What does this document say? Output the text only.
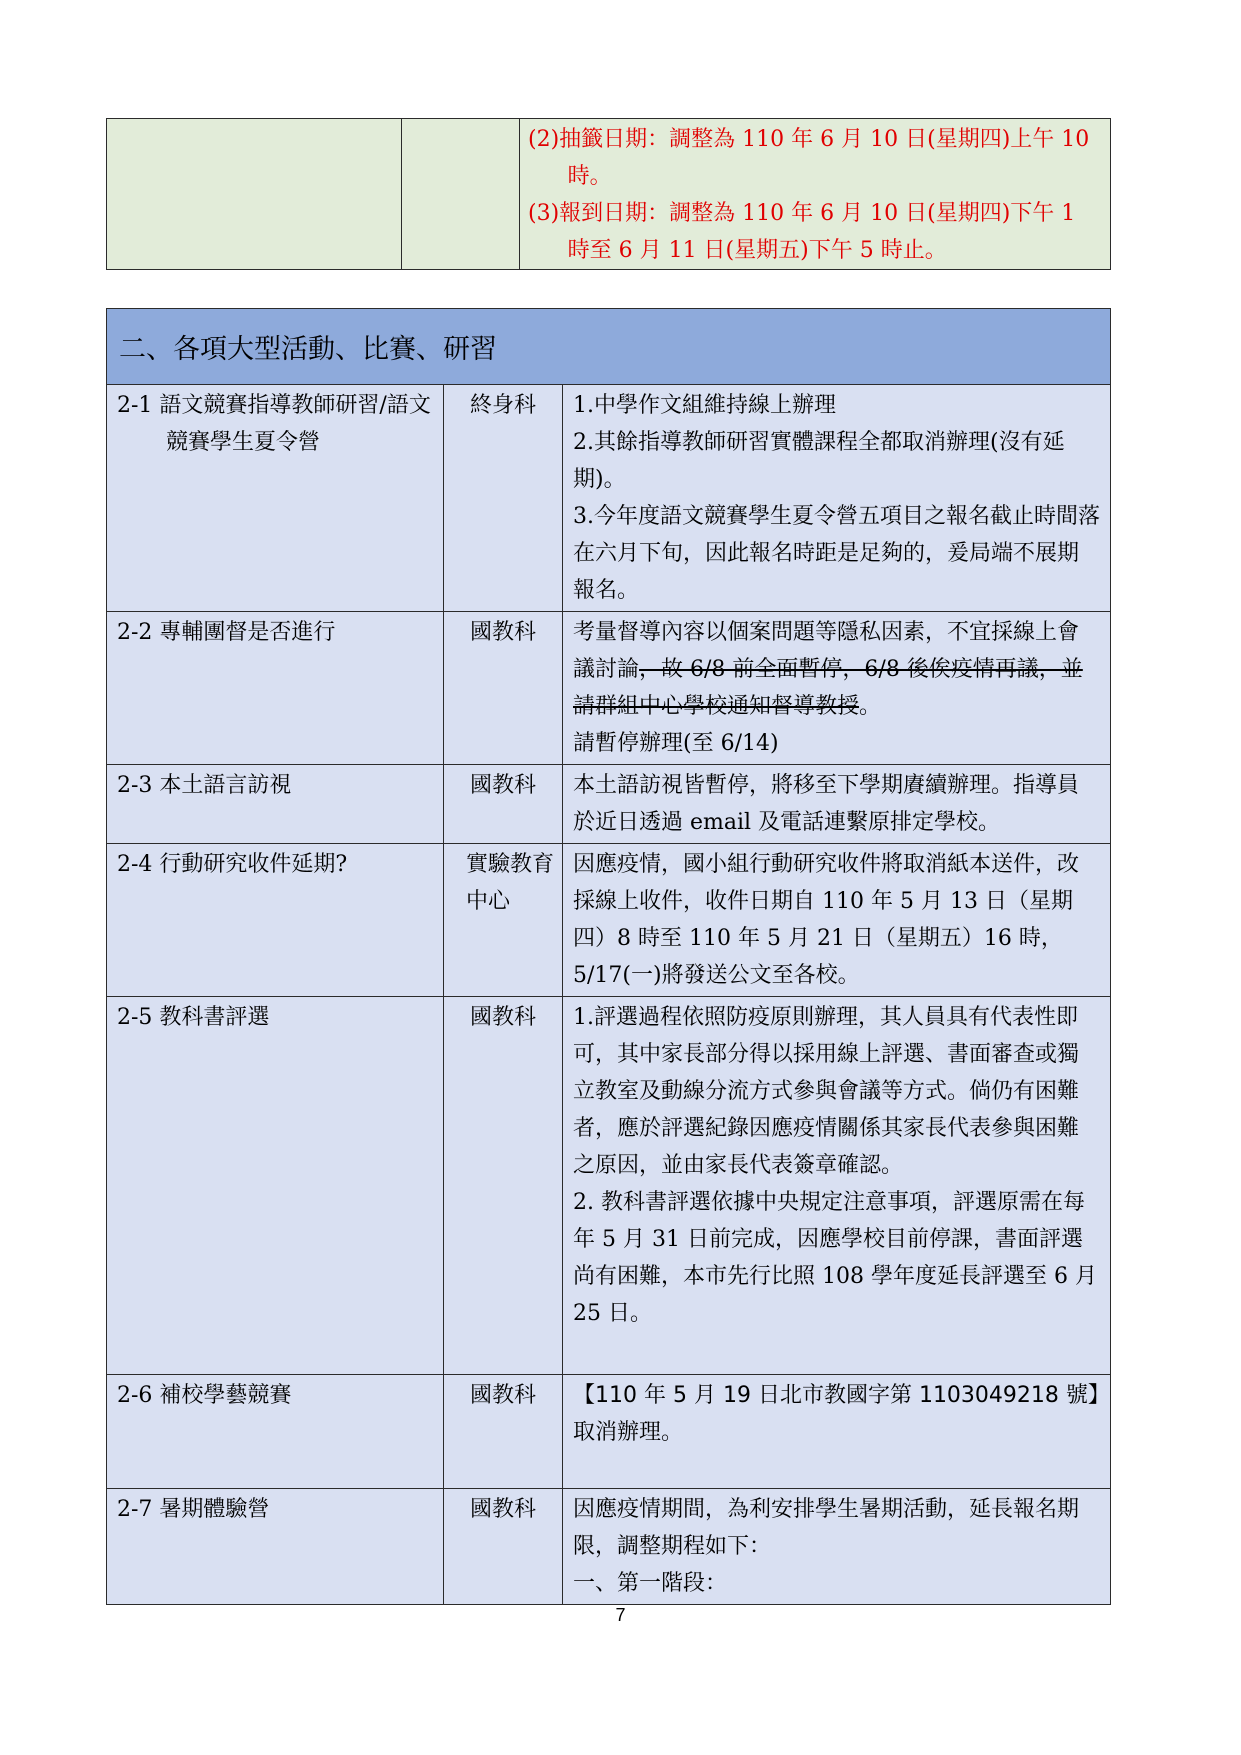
(2)抽籤日期：調整為 110 年 6 月 10 日(星期四)上午 10時。

(3)報到日期：調整為 110 年 6 月 10 日(星期四)下午 1 時至 6 月 11 日(星期五)下午 5 時止。

二、各項大型活動、比賽、研習		

2-1 語文競賽指導教師研習/語文競賽學生夏令營	終身科	1.中學作文組維持線上辦理

2.其餘指導教師研習實體課程全都取消辦理(沒有延期)。

3.今年度語文競賽學生夏令營五項目之報名截止時間落在六月下旬，因此報名時距是足夠的，爰局端不展期報名。

2-2 專輔團督是否進行	國教科	考量督導內容以個案問題等隱私因素，不宜採線上會議討論，故 6/8 前全面暫停，6/8 後俟疫情再議，並請群組中心學校通知督導教授。

請暫停辦理(至 6/14)

2-3 本土語言訪視	國教科	本土語訪視皆暫停，將移至下學期賡續辦理。指導員於近日透過 email 及電話連繫原排定學校。
2-4 行動研究收件延期?	實驗教育中心	因應疫情，國小組行動研究收件將取消紙本送件，改採線上收件，收件日期自 110 年 5 月 13 日（星期四）8 時至 110 年 5 月 21 日（星期五）16 時，5/17(一)將發送公文至各校。
2-5 教科書評選	國教科	1.評選過程依照防疫原則辦理，其人員具有代表性即可，其中家長部分得以採用線上評選、書面審查或獨立教室及動線分流方式參與會議等方式。倘仍有困難者，應於評選紀錄因應疫情關係其家長代表參與困難之原因，並由家長代表簽章確認。

2. 教科書評選依據中央規定注意事項，評選原需在每年 5 月 31 日前完成，因應學校目前停課，書面評選尚有困難，本市先行比照 108 學年度延長評選至 6 月 25 日。

2-6 補校學藝競賽	國教科	【110 年 5 月 19 日北市教國字第 1103049218 號】

取消辦理。

2-7 暑期體驗營	國教科	因應疫情期間，為利安排學生暑期活動，延長報名期限，調整期程如下：

一、第一階段：

7
